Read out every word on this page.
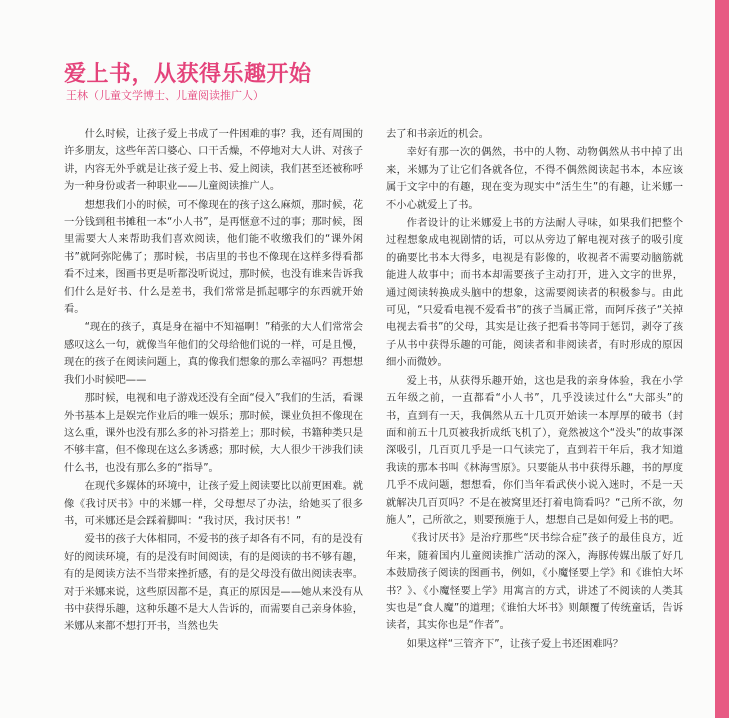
爱上书，从获得乐趣开始
王林（儿童文学博士、儿童阅读推广人）

什么时候，让孩子爱上书成了一件困难的事？我，还有周围的许多朋友，这些年苦口婆心、口干舌燥，不停地对大人讲、对孩子讲，内容无外乎就是让孩子爱上书、爱上阅读，我们甚至还被称呼为一种身份或者一种职业——儿童阅读推广人。

想想我们小的时候，可不像现在的孩子这么麻烦，那时候，花一分钱到租书摊租一本“小人书”，是再惬意不过的事；那时候，图里需要大人来帮助我们喜欢阅读，他们能不收缴我们的“课外闲书”就阿弥陀佛了；那时候，书店里的书也不像现在这样多得看都看不过来，图画书更是听都没听说过，那时候，也没有谁来告诉我们什么是好书、什么是差书，我们常常是抓起哪字的东西就开始看。

“现在的孩子，真是身在福中不知福啊！”稍张的大人们常常会感叹这么一句，就像当年他们的父母给他们说的一样，可是且慢，现在的孩子在阅读问题上，真的像我们想象的那么幸福吗？再想想我们小时候吧——

那时候，电视和电子游戏还没有全面“侵入”我们的生活，看课外书基本上是娱完作业后的唯一娱乐；那时候，课业负担不像现在这么重，课外也没有那么多的补习搭差上；那时候，书籍种类只是不够丰富，但不像现在这么多诱惑；那时候，大人很少干涉我们读什么书，也没有那么多的“指导”。

在现代多媒体的环境中，让孩子爱上阅读要比以前更困难。就像《我讨厌书》中的米娜一样，父母想尽了办法，给她买了很多书，可米娜还是会踩着脚叫：“我讨厌，我讨厌书！”

爱书的孩子大体相同，不爱书的孩子却各有不同，有的是没有好的阅读环境，有的是没有时间阅读，有的是阅读的书不够有趣，有的是阅读方法不当带来挫折感，有的是父母没有做出阅读表率。对于米娜来说，这些原因都不是，真正的原因是——她从来没有从书中获得乐趣，这种乐趣不是大人告诉的，而需要自己亲身体验，米娜从来都不想打开书，当然也失

去了和书亲近的机会。

幸好有那一次的偶然，书中的人物、动物偶然从书中掉了出来，米娜为了让它们各就各位，不得不偶然阅读起书本，本应该属于文字中的有趣，现在变为现实中“活生生”的有趣，让米娜一不小心就爱上了书。

作者设计的让米娜爱上书的方法耐人寻味，如果我们把整个过程想象成电视剧情的话，可以从旁边了解电视对孩子的吸引度的确要比书本大得多，电视是有影像的，收视者不需要动脑筋就能进人故事中；而书本却需要孩子主动打开，进入文字的世界，通过阅读转换成头脑中的想象，这需要阅读者的积极参与。由此可见，“只爱看电视不爱看书”的孩子当属正常，而阿斥孩子“关掉电视去看书”的父母，其实是让孩子把看书等同于惩罚，剥夺了孩子从书中获得乐趣的可能，阅读者和非阅读者，有时形成的原因细小而微妙。

爱上书，从获得乐趣开始，这也是我的亲身体验，我在小学五年级之前，一直都看“小人书”，几乎没读过什么“大部头”的书，直到有一天，我偶然从五十几页开始读一本厚厚的破书（封面和前五十几页被我折成纸飞机了），竟然被这个“没头”的故事深深吸引，几百页几乎是一口气读完了，直到若干年后，我才知道我读的那本书叫《林海雪原》。只要能从书中获得乐趣，书的厚度几乎不成问题，想想看，你们当年看武侠小说入迷时，不是一天就解决几百页吗？不是在被窝里还打着电筒看吗？“己所不欲，勿施人”，己所欲之，则要预施于人，想想自己是如何爱上书的吧。

《我讨厌书》是治疗那些“厌书综合症”孩子的最佳良方，近年来，随着国内儿童阅读推广活动的深入，海豚传媒出版了好几本鼓励孩子阅读的图画书，例如，《小魔怪要上学》和《谁怕大坏书？》、《小魔怪要上学》用寓言的方式，讲述了不阅读的人类其实也是“食人魔”的道理；《谁怕大坏书》则颠覆了传统童话，告诉读者，其实你也是“作者”。

如果这样“三管齐下”，让孩子爱上书还困难吗？
